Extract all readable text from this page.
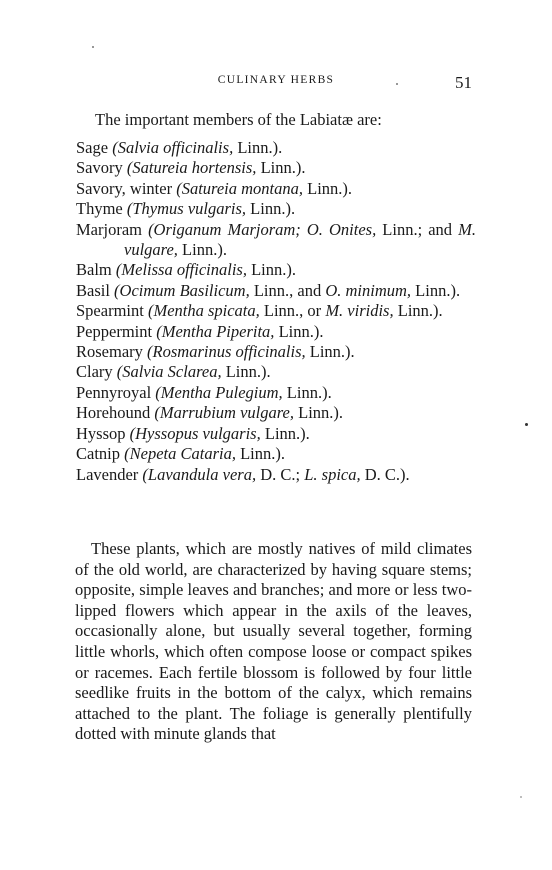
CULINARY HERBS	51

The important members of the Labiatæ are:

Sage (Salvia officinalis, Linn.).
Savory (Satureia hortensis, Linn.).
Savory, winter (Satureia montana, Linn.).
Thyme (Thymus vulgaris, Linn.).
Marjoram (Origanum Marjoram; O. Onites, Linn.; and M. vulgare, Linn.).
Balm (Melissa officinalis, Linn.).
Basil (Ocimum Basilicum, Linn., and O. minimum, Linn.).
Spearmint (Mentha spicata, Linn., or M. viridis, Linn.).
Peppermint (Mentha Piperita, Linn.).
Rosemary (Rosmarinus officinalis, Linn.).
Clary (Salvia Sclarea, Linn.).
Pennyroyal (Mentha Pulegium, Linn.).
Horehound (Marrubium vulgare, Linn.).
Hyssop (Hyssopus vulgaris, Linn.).
Catnip (Nepeta Cataria, Linn.).
Lavender (Lavandula vera, D. C.; L. spica, D. C.).

These plants, which are mostly natives of mild climates of the old world, are characterized by having square stems; opposite, simple leaves and branches; and more or less two-lipped flowers which appear in the axils of the leaves, occasionally alone, but usually several together, forming little whorls, which often compose loose or compact spikes or racemes. Each fertile blossom is followed by four little seedlike fruits in the bottom of the calyx, which remains attached to the plant. The foliage is generally plentifully dotted with minute glands that
